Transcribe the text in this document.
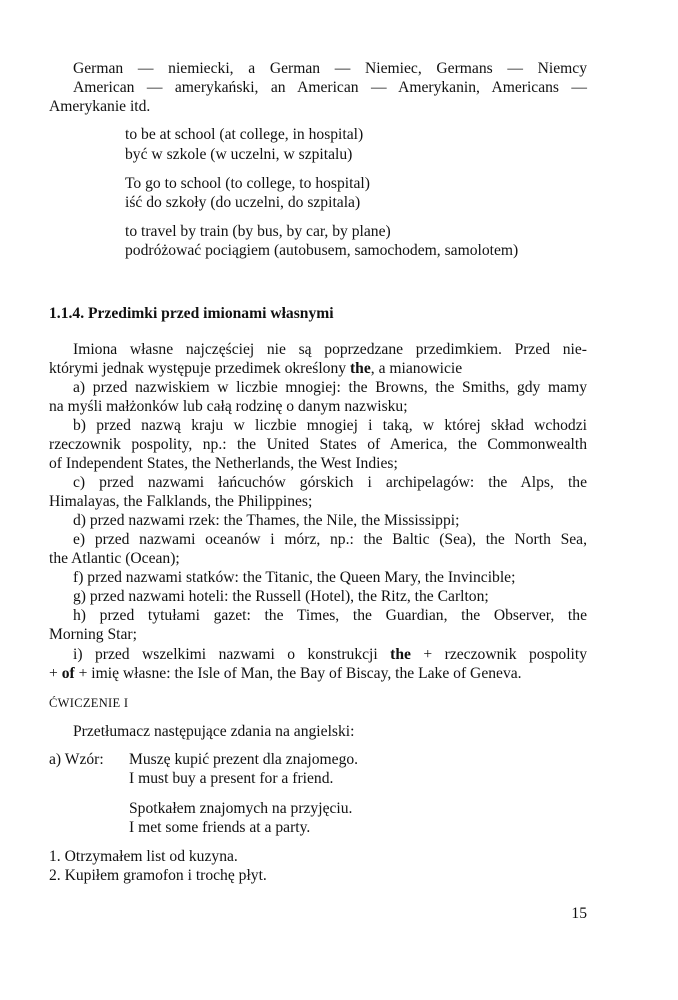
German — niemiecki, a German — Niemiec, Germans — Niemcy
American — amerykański, an American — Amerykanin, Americans —
Amerykanie itd.
to be at school (at college, in hospital)
być w szkole (w uczelni, w szpitalu)
To go to school (to college, to hospital)
iść do szkoły (do uczelni, do szpitala)
to travel by train (by bus, by car, by plane)
podróżować pociągiem (autobusem, samochodem, samolotem)
1.1.4. Przedimki przed imionami własnymi
Imiona własne najczęściej nie są poprzedzane przedimkiem. Przed nie-
którymi jednak występuje przedimek określony the, a mianowicie
a) przed nazwiskiem w liczbie mnogiej: the Browns, the Smiths, gdy mamy
na myśli małżonków lub całą rodzinę o danym nazwisku;
b) przed nazwą kraju w liczbie mnogiej i taką, w której skład wchodzi
rzeczownik pospolity, np.: the United States of America, the Commonwealth
of Independent States, the Netherlands, the West Indies;
c) przed nazwami łańcuchów górskich i archipelagów: the Alps, the
Himalayas, the Falklands, the Philippines;
d) przed nazwami rzek: the Thames, the Nile, the Mississippi;
e) przed nazwami oceanów i mórz, np.: the Baltic (Sea), the North Sea,
the Atlantic (Ocean);
f) przed nazwami statków: the Titanic, the Queen Mary, the Invincible;
g) przed nazwami hoteli: the Russell (Hotel), the Ritz, the Carlton;
h) przed tytułami gazet: the Times, the Guardian, the Observer, the
Morning Star;
i) przed wszelkimi nazwami o konstrukcji the + rzeczownik pospolity
+ of + imię własne: the Isle of Man, the Bay of Biscay, the Lake of Geneva.
ĆWICZENIE I
Przetłumacz następujące zdania na angielski:
a) Wzór: Muszę kupić prezent dla znajomego.
I must buy a present for a friend.
Spotkałem znajomych na przyjęciu.
I met some friends at a party.
1. Otrzymałem list od kuzyna.
2. Kupiłem gramofon i trochę płyt.
15
